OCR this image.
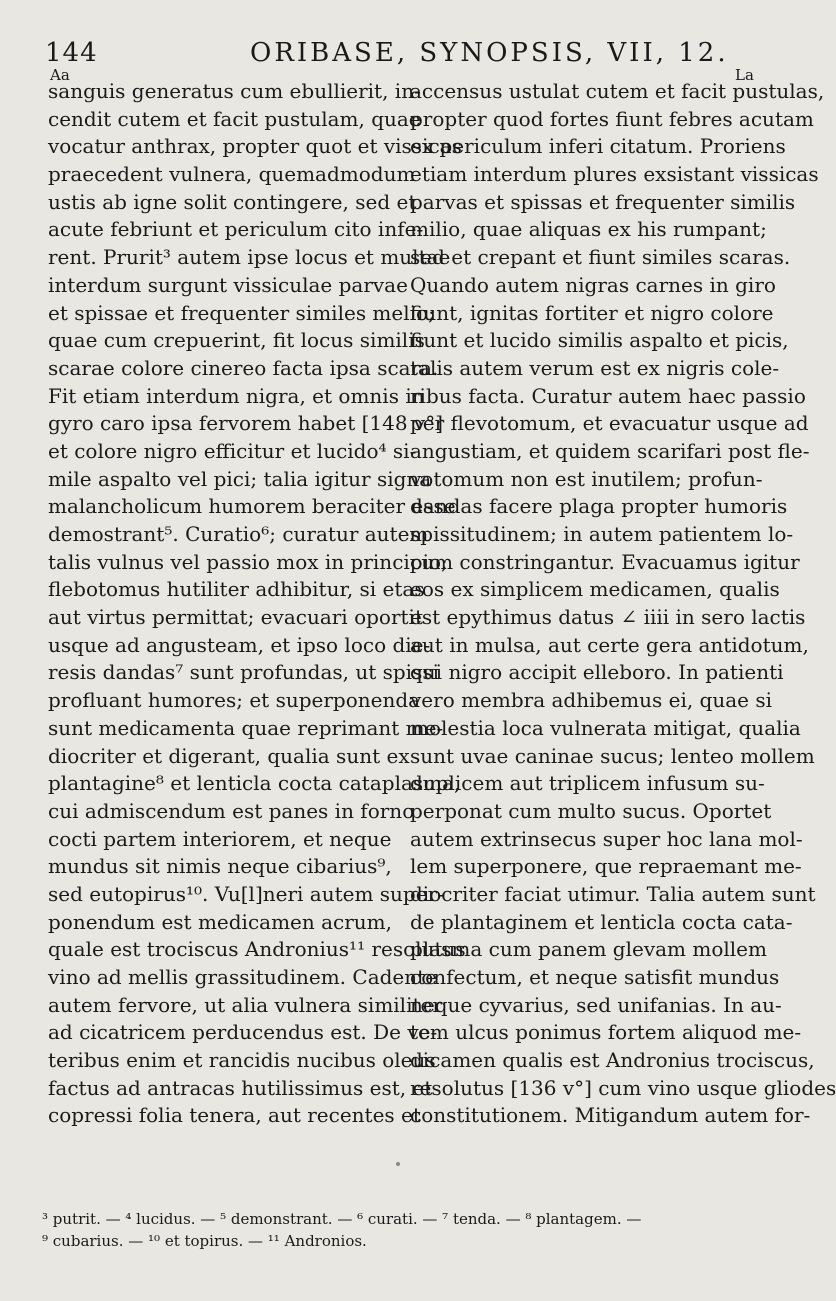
144	ORIBASE, SYNOPSIS, VII, 12.
Aa	La
sanguis generatus cum ebullierit, in-
cendit cutem et facit pustulam, quae
vocatur anthrax, propter quot et vissicas
praecedent vulnera, quemadmodum
ustis ab igne solit contingere, sed et
acute febriunt et periculum cito infe-
rent. Prurit³ autem ipse locus et multae
interdum surgunt vissiculae parvae
et spissae et frequenter similes melio;
quae cum crepuerint, fit locus similis
scarae colore cinereo facta ipsa scara.
Fit etiam interdum nigra, et omnis in
gyro caro ipsa fervorem habet [148 v°]
et colore nigro efficitur et lucido⁴ si-
mile aspalto vel pici; talia igitur signa
malancholicum humorem beraciter esse
demostrant⁵. Curatio⁶; curatur autem
talis vulnus vel passio mox in principio;
flebotomus hutiliter adhibitur, si etas
aut virtus permittat; evacuari oportit
usque ad angusteam, et ipso loco die-
resis dandas⁷ sunt profundas, ut spissi
profluant humores; et superponenda
sunt medicamenta quae reprimant me-
diocriter et digerant, qualia sunt ex
plantagine⁸ et lenticla cocta cataplasma,
cui admiscendum est panes in forno
cocti partem interiorem, et neque
mundus sit nimis neque cibarius⁹,
sed eutopirus¹⁰. Vu[l]neri autem super-
ponendum est medicamen acrum,
quale est trociscus Andronius¹¹ resolutus
vino ad mellis grassitudinem. Cadente
autem fervore, ut alia vulnera similiter
ad cicatricem perducendus est. De ve-
teribus enim et rancidis nucibus oleus
factus ad antracas hutilissimus est, et
copressi folia tenera, aut recentes et
accensus ustulat cutem et facit pustulas,
propter quod fortes fiunt febres acutam
ex periculum inferi citatum. Proriens
etiam interdum plures exsistant vissicas
parvas et spissas et frequenter similis
milio, quae aliquas ex his rumpant;
sed et crepant et fiunt similes scaras.
Quando autem nigras carnes in giro
fiunt, ignitas fortiter et nigro colore
fiunt et lucido similis aspalto et picis,
talis autem verum est ex nigris cole-
ribus facta. Curatur autem haec passio
per flevotomum, et evacuatur usque ad
angustiam, et quidem scarifari post fle-
votomum non est inutilem; profun-
dandas facere plaga propter humoris
spissitudinem; in autem patientem lo-
cum constringantur. Evacuamus igitur
eos ex simplicem medicamen, qualis
est epythimus datus ∠ iiii in sero lactis
aut in mulsa, aut certe gera antidotum,
qui nigro accipit elleboro. In patienti
vero membra adhibemus ei, quae si
molestia loca vulnerata mitigat, qualia
sunt uvae caninae sucus; lenteo mollem
duplicem aut triplicem infusum su-
perponat cum multo sucus. Oportet
autem extrinsecus super hoc lana mol-
lem superponere, que repraemant me-
diocriter faciat utimur. Talia autem sunt
de plantaginem et lenticla cocta cata-
plasma cum panem glevam mollem
confectum, et neque satisfit mundus
neque cyvarius, sed unifanias. In au-
tem ulcus ponimus fortem aliquod me-
dicamen qualis est Andronius trociscus,
resolutus [136 v°] cum vino usque gliodes
constitutionem. Mitigandum autem for-
³ putrit. — ⁴ lucidus. — ⁵ demonstrant. — ⁶ curati. — ⁷ tenda. — ⁸ plantagem. —
⁹ cubarius. — ¹⁰ et topirus. — ¹¹ Andronios.
